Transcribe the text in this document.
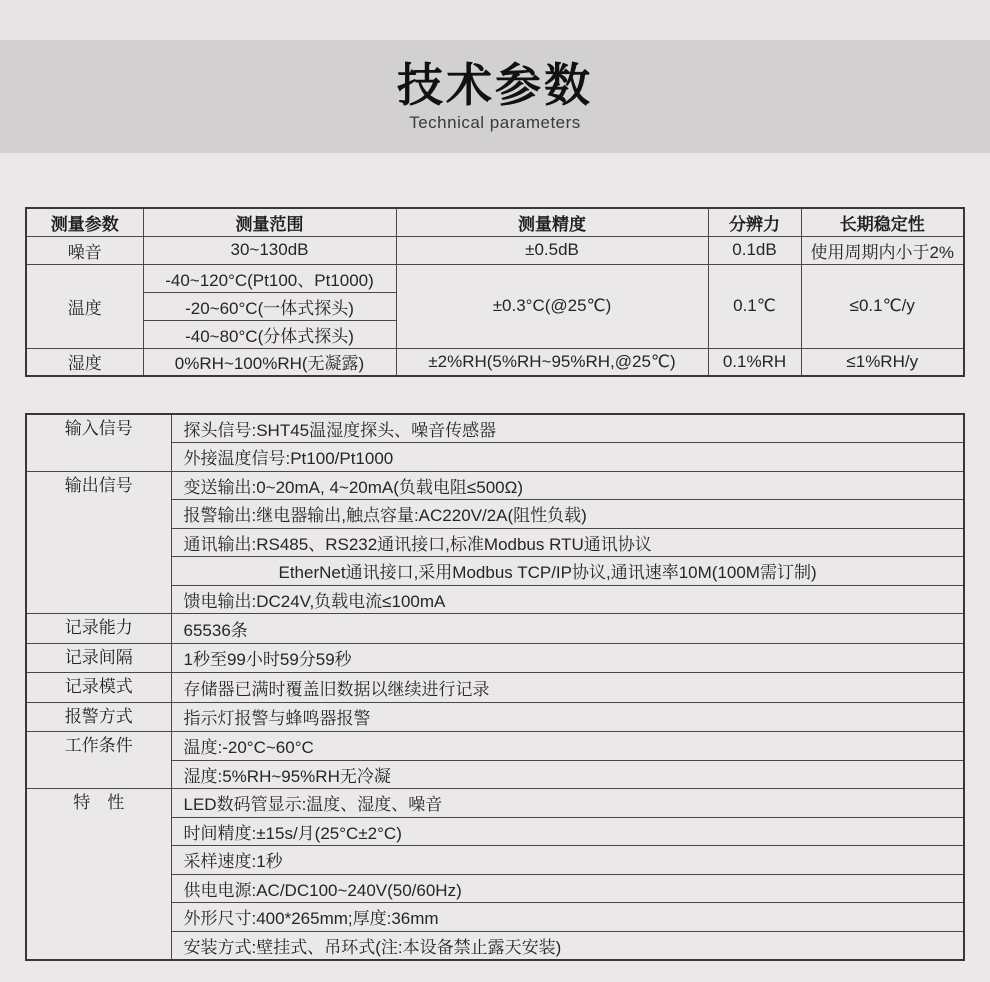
技术参数
Technical parameters
测量参数	测量范围	测量精度	分辨力	长期稳定性
噪音	30~130dB	±0.5dB	0.1dB	使用周期内小于2%
温度	-40~120°C(Pt100、Pt1000)	±0.3°C(@25℃)	0.1℃	≤0.1℃/y
	-20~60°C(一体式探头)			
	-40~80°C(分体式探头)			
湿度	0%RH~100%RH(无凝露)	±2%RH(5%RH~95%RH,@25℃)	0.1%RH	≤1%RH/y
输入信号	探头信号:SHT45温湿度探头、噪音传感器
	外接温度信号:Pt100/Pt1000
输出信号	变送输出:0~20mA, 4~20mA(负载电阻≤500Ω)
	报警输出:继电器输出,触点容量:AC220V/2A(阻性负载)
	通讯输出:RS485、RS232通讯接口,标准Modbus RTU通讯协议
	EtherNet通讯接口,采用Modbus TCP/IP协议,通讯速率10M(100M需订制)
	馈电输出:DC24V,负载电流≤100mA
记录能力	65536条
记录间隔	1秒至99小时59分59秒
记录模式	存储器已满时覆盖旧数据以继续进行记录
报警方式	指示灯报警与蜂鸣器报警
工作条件	温度:-20°C~60°C
	湿度:5%RH~95%RH无冷凝
特　性	LED数码管显示:温度、湿度、噪音
	时间精度:±15s/月(25°C±2°C)
	采样速度:1秒
	供电电源:AC/DC100~240V(50/60Hz)
	外形尺寸:400*265mm;厚度:36mm
	安装方式:壁挂式、吊环式(注:本设备禁止露天安装)
